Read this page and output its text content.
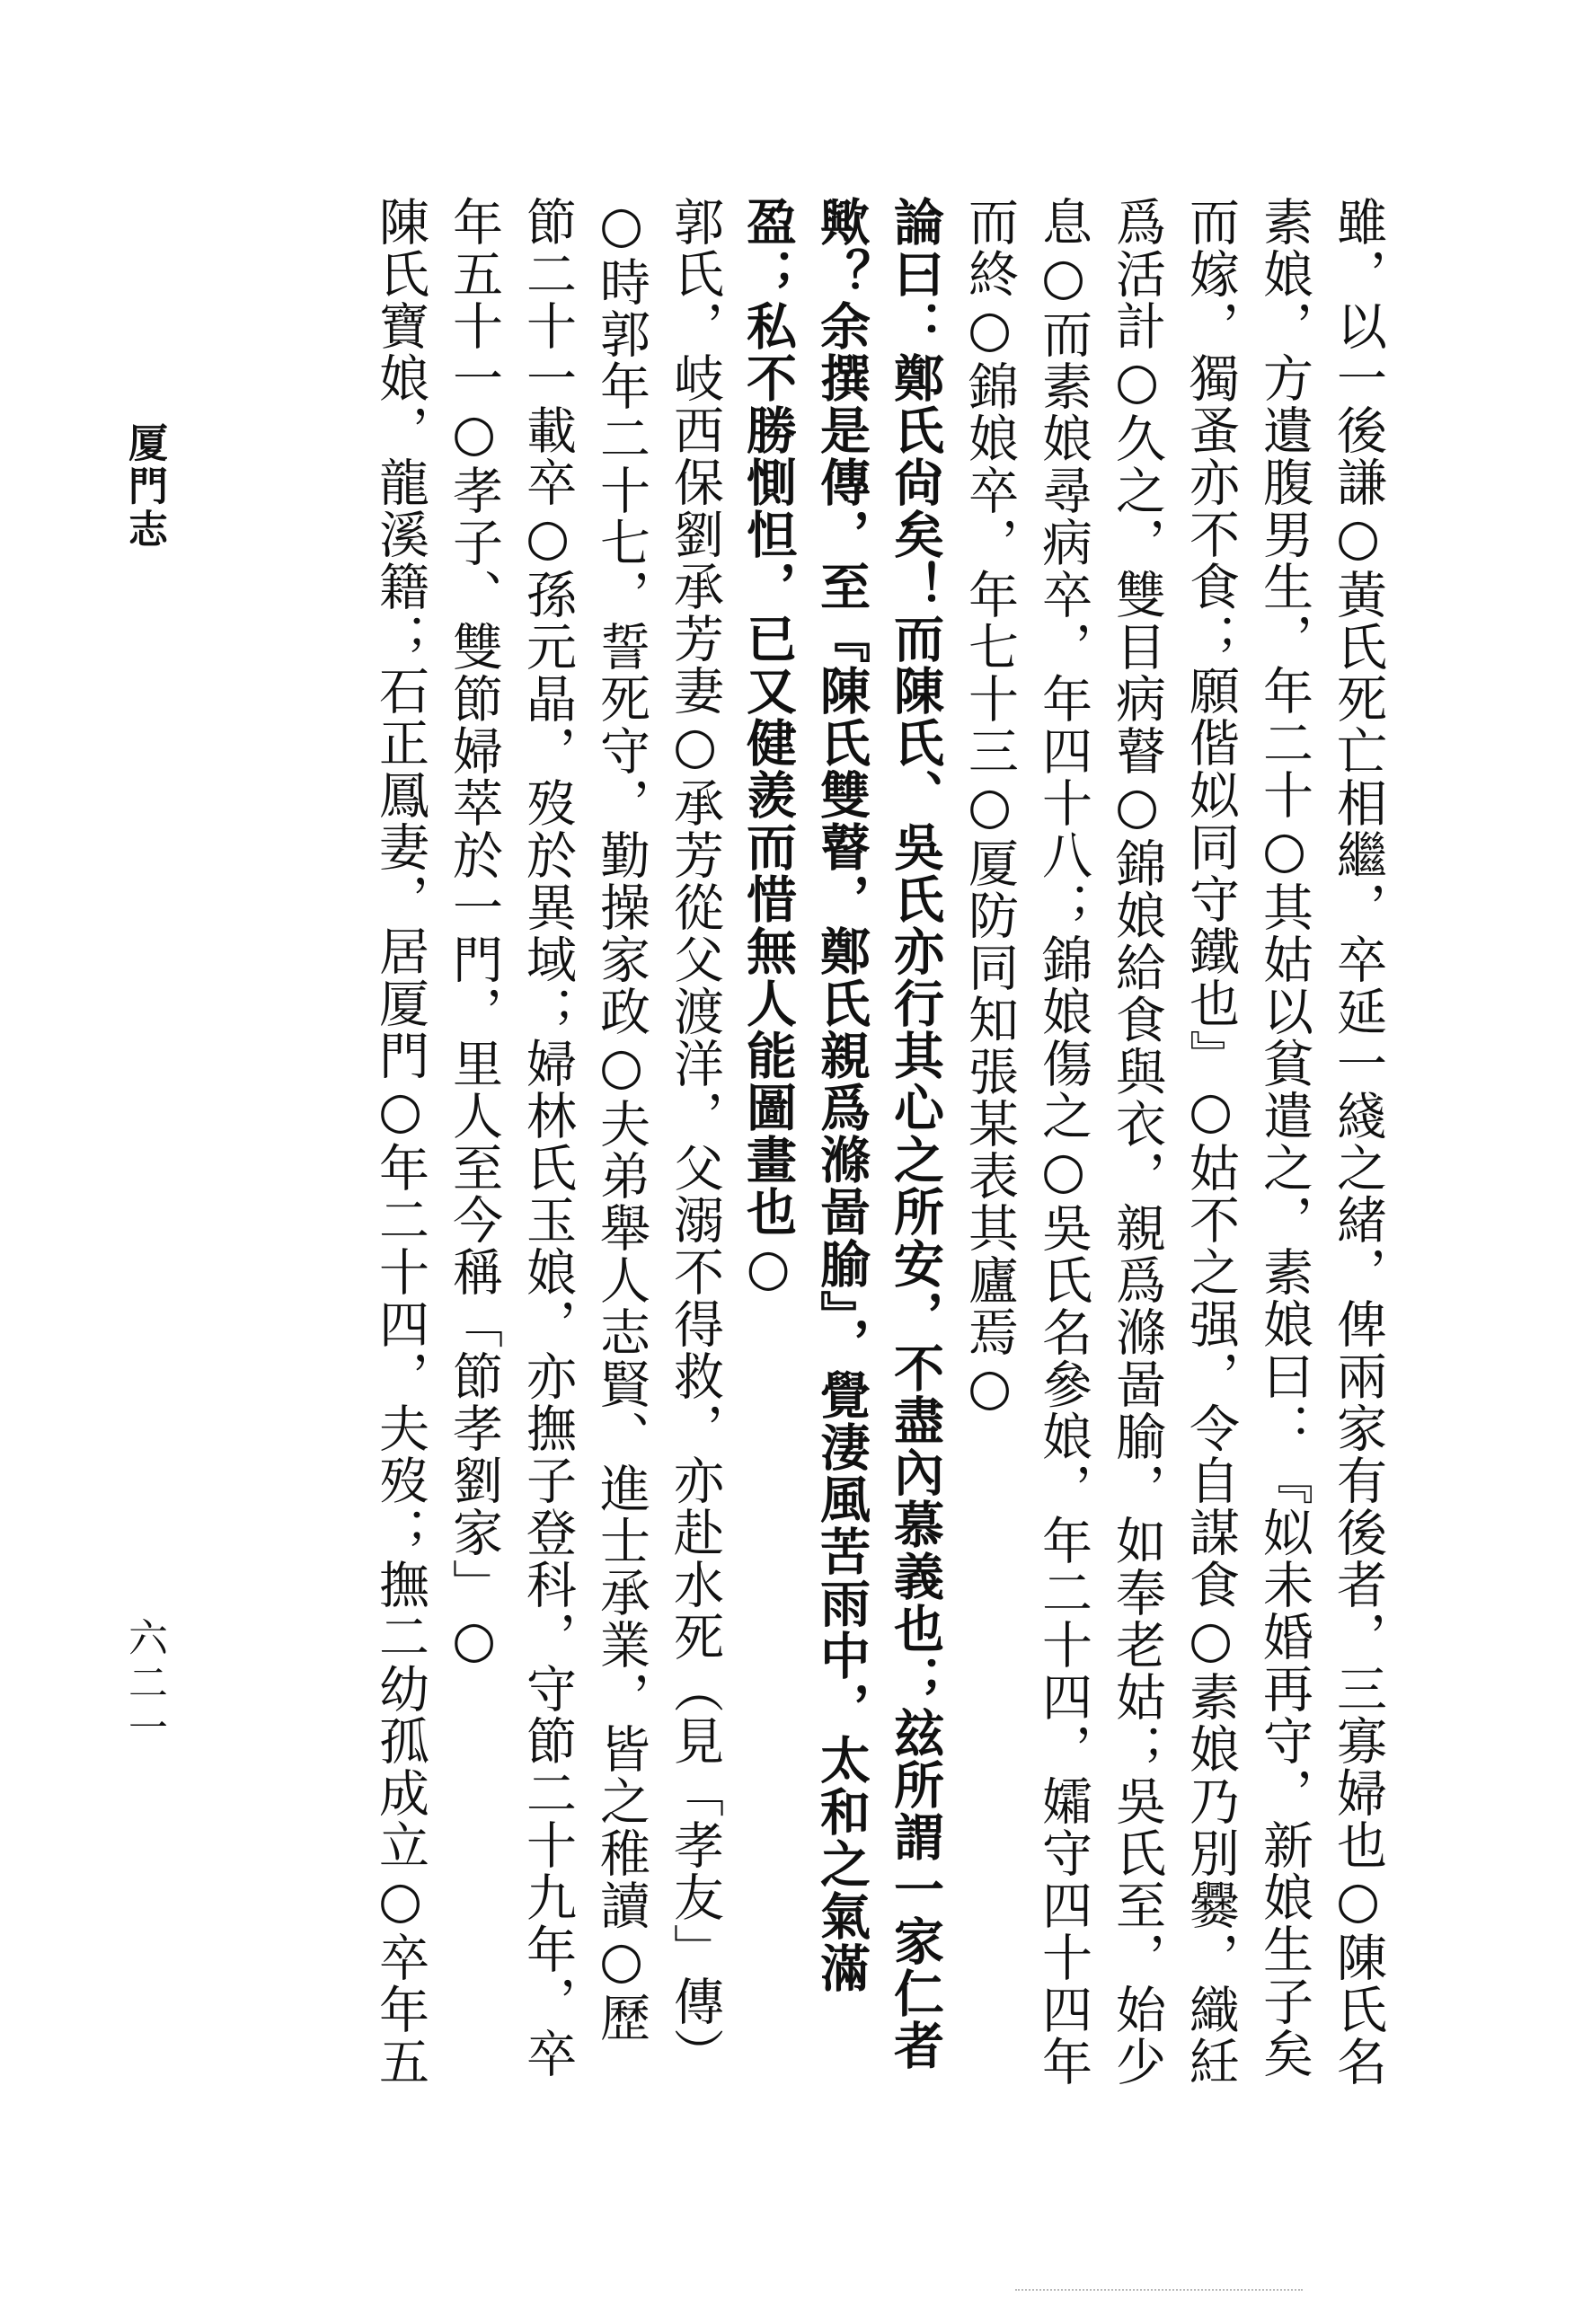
雖，以一後謙○黃氏死亡相繼，卒延一綫之緒，俾兩家有後者，三寡婦也○陳氏名素娘，方遺腹男生，年二十○其姑以貧遣之，素娘曰：『姒未婚再守，新娘生子矣而嫁，獨蚤亦不食；願偕姒同守鐵也』○姑不之强，令自謀食○素娘乃別爨，織紝爲活計○久之，雙目病瞽○錦娘給食與衣，親爲滌啚腧，如奉老姑；吳氏至，始少息○而素娘尋病卒，年四十八；錦娘傷之○吳氏名參娘，年二十四，孀守四十四年而終○錦娘卒，年七十三○厦防同知張某表其廬焉○

論曰：鄭氏尙矣！而陳氏、吳氏亦行其心之所安，不盡內慕義也；玆所謂一家仁者歟？余撰是傳，至『陳氏雙瞽，鄭氏親爲滌啚腧』，覺淒風苦雨中，太和之氣滿盈；私不勝惻怛，已又健羨而惜無人能圖畫也○

郭氏，岐西保劉承芳妻○承芳從父渡洋，父溺不得救，亦赴水死（見「孝友」傳）○時郭年二十七，誓死守，勤操家政○夫弟舉人志賢、進士承業，皆之稚讀○歷節二十一載卒○孫元晶，歿於異域；婦林氏玉娘，亦撫子登科，守節二十九年，卒年五十一○孝子、雙節婦萃於一門，里人至今稱「節孝劉家」○

陳氏寶娘，龍溪籍；石正鳳妻，居厦門○年二十四，夫歿；撫二幼孤成立○卒年五

厦門志
六二一
